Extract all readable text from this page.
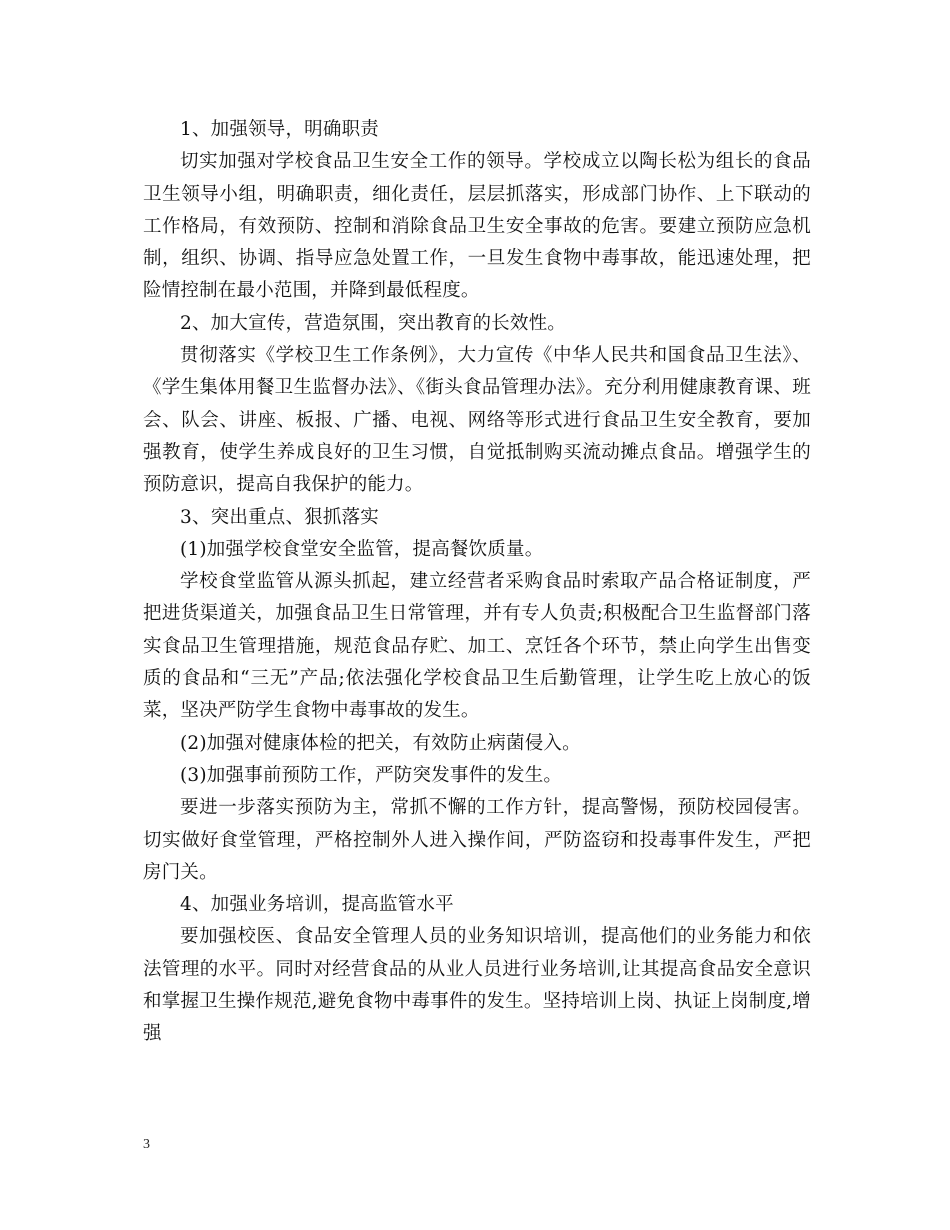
1、加强领导，明确职责

切实加强对学校食品卫生安全工作的领导。学校成立以陶长松为组长的食品卫生领导小组，明确职责，细化责任，层层抓落实，形成部门协作、上下联动的工作格局，有效预防、控制和消除食品卫生安全事故的危害。要建立预防应急机制，组织、协调、指导应急处置工作，一旦发生食物中毒事故，能迅速处理，把险情控制在最小范围，并降到最低程度。

2、加大宣传，营造氛围，突出教育的长效性。

贯彻落实《学校卫生工作条例》，大力宣传《中华人民共和国食品卫生法》、《学生集体用餐卫生监督办法》、《街头食品管理办法》。充分利用健康教育课、班会、队会、讲座、板报、广播、电视、网络等形式进行食品卫生安全教育，要加强教育，使学生养成良好的卫生习惯，自觉抵制购买流动摊点食品。增强学生的预防意识，提高自我保护的能力。

3、突出重点、狠抓落实

(1)加强学校食堂安全监管，提高餐饮质量。

学校食堂监管从源头抓起，建立经营者采购食品时索取产品合格证制度，严把进货渠道关，加强食品卫生日常管理，并有专人负责;积极配合卫生监督部门落实食品卫生管理措施，规范食品存贮、加工、烹饪各个环节，禁止向学生出售变质的食品和“三无”产品;依法强化学校食品卫生后勤管理，让学生吃上放心的饭菜，坚决严防学生食物中毒事故的发生。

(2)加强对健康体检的把关，有效防止病菌侵入。

(3)加强事前预防工作，严防突发事件的发生。

要进一步落实预防为主，常抓不懈的工作方针，提高警惕，预防校园侵害。切实做好食堂管理，严格控制外人进入操作间，严防盗窃和投毒事件发生，严把房门关。

4、加强业务培训，提高监管水平

要加强校医、食品安全管理人员的业务知识培训，提高他们的业务能力和依法管理的水平。同时对经营食品的从业人员进行业务培训,让其提高食品安全意识和掌握卫生操作规范,避免食物中毒事件的发生。坚持培训上岗、执证上岗制度,增强

3
